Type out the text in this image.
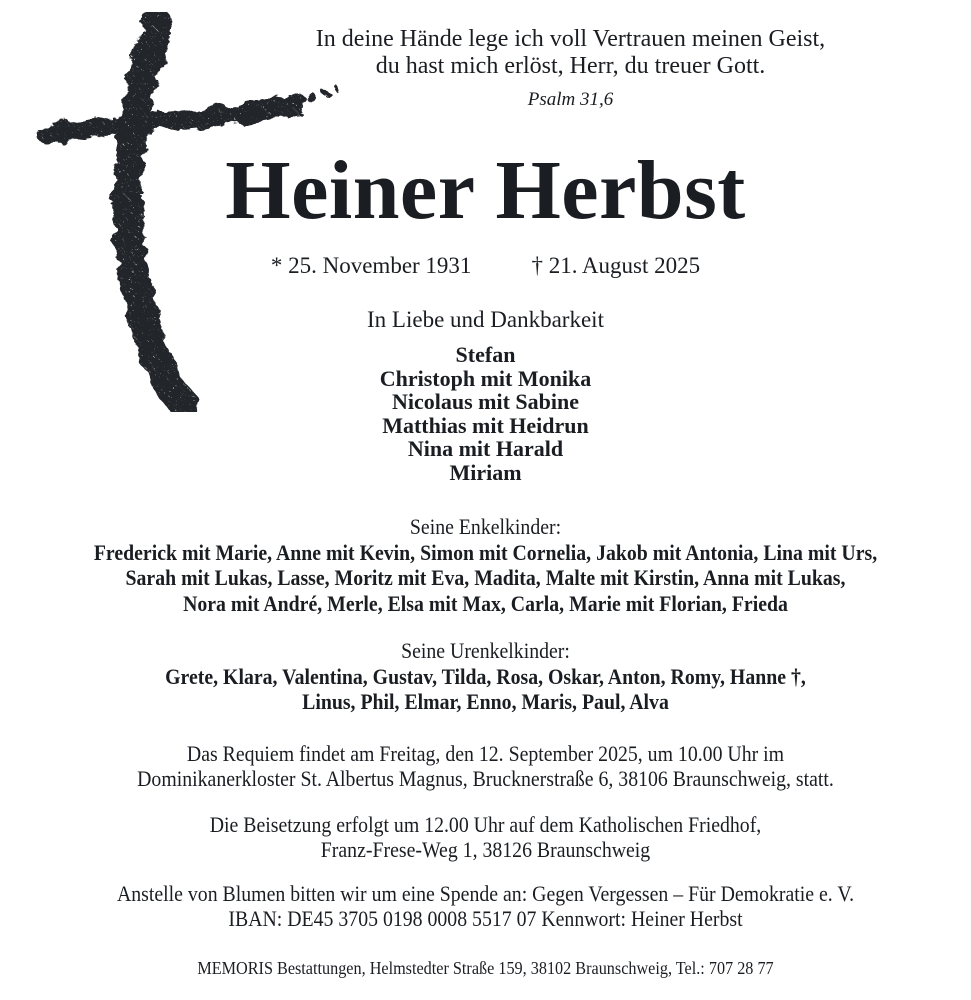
In deine Hände lege ich voll Vertrauen meinen Geist,
du hast mich erlöst, Herr, du treuer Gott.
Psalm 31,6
Heiner Herbst
* 25. November 1931	† 21. August 2025
In Liebe und Dankbarkeit
Stefan
Christoph mit Monika
Nicolaus mit Sabine
Matthias mit Heidrun
Nina mit Harald
Miriam
Seine Enkelkinder:
Frederick mit Marie, Anne mit Kevin, Simon mit Cornelia, Jakob mit Antonia, Lina mit Urs,
Sarah mit Lukas, Lasse, Moritz mit Eva, Madita, Malte mit Kirstin, Anna mit Lukas,
Nora mit André, Merle, Elsa mit Max, Carla, Marie mit Florian, Frieda
Seine Urenkelkinder:
Grete, Klara, Valentina, Gustav, Tilda, Rosa, Oskar, Anton, Romy, Hanne †,
Linus, Phil, Elmar, Enno, Maris, Paul, Alva
Das Requiem findet am Freitag, den 12. September 2025, um 10.00 Uhr im
Dominikanerkloster St. Albertus Magnus, Brucknerstraße 6, 38106 Braunschweig, statt.
Die Beisetzung erfolgt um 12.00 Uhr auf dem Katholischen Friedhof,
Franz-Frese-Weg 1, 38126 Braunschweig
Anstelle von Blumen bitten wir um eine Spende an: Gegen Vergessen – Für Demokratie e. V.
IBAN: DE45 3705 0198 0008 5517 07 Kennwort: Heiner Herbst
MEMORIS Bestattungen, Helmstedter Straße 159, 38102 Braunschweig, Tel.: 707 28 77
